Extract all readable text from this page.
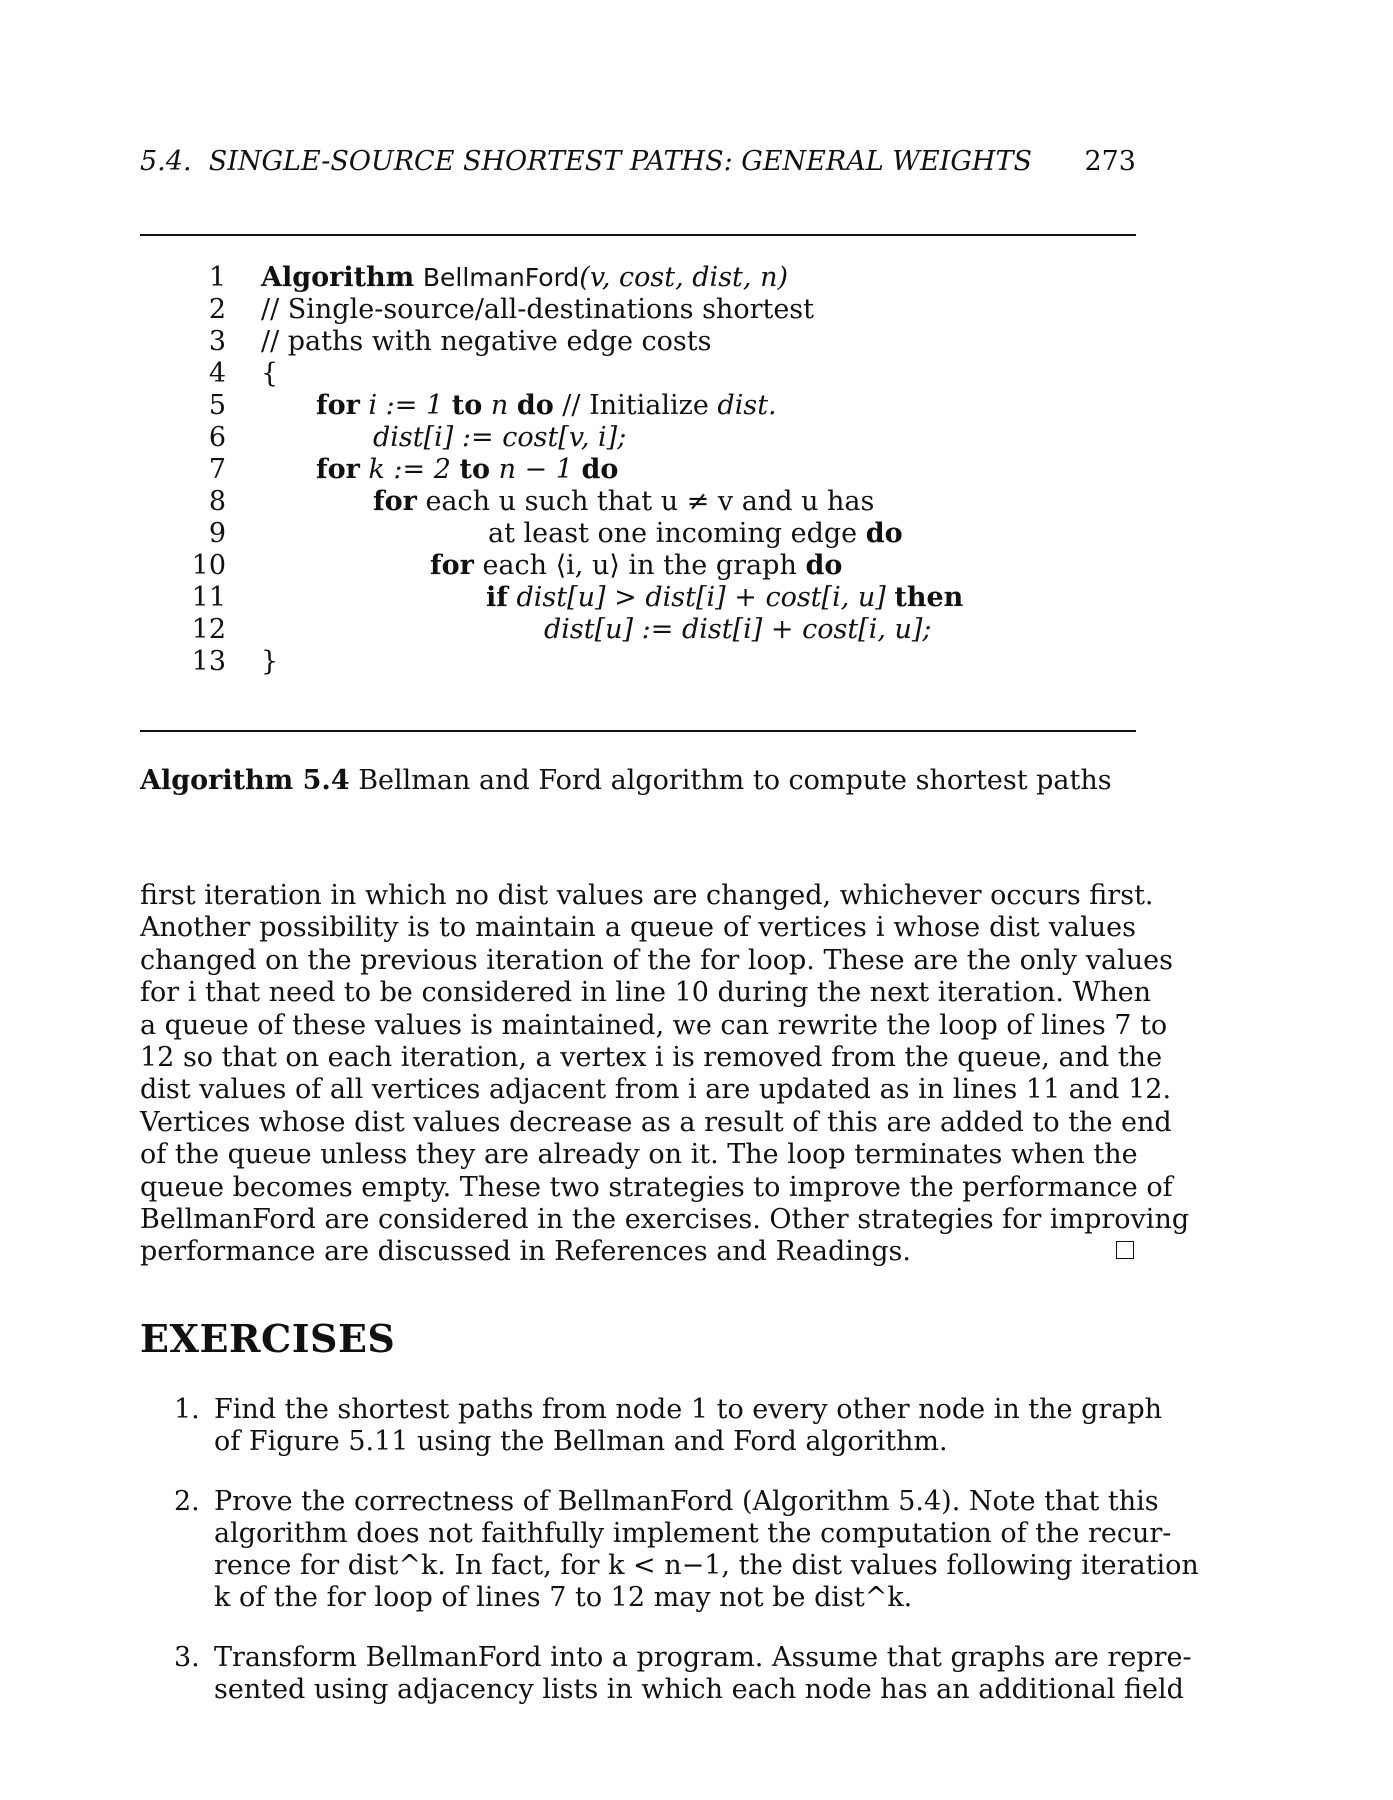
5.4. SINGLE-SOURCE SHORTEST PATHS: GENERAL WEIGHTS 273
1 Algorithm BellmanFord(v, cost, dist, n)
2 // Single-source/all-destinations shortest
3 // paths with negative edge costs
4 {
5	for i := 1 to n do // Initialize dist.
6	dist[i] := cost[v, i];
7	for k := 2 to n − 1 do
8	for each u such that u ≠ v and u has
9	at least one incoming edge do
10	for each ⟨i, u⟩ in the graph do
11	if dist[u] > dist[i] + cost[i, u] then
12	dist[u] := dist[i] + cost[i, u];
13 }
Algorithm 5.4 Bellman and Ford algorithm to compute shortest paths
first iteration in which no dist values are changed, whichever occurs first.
Another possibility is to maintain a queue of vertices i whose dist values
changed on the previous iteration of the for loop. These are the only values
for i that need to be considered in line 10 during the next iteration. When
a queue of these values is maintained, we can rewrite the loop of lines 7 to
12 so that on each iteration, a vertex i is removed from the queue, and the
dist values of all vertices adjacent from i are updated as in lines 11 and 12.
Vertices whose dist values decrease as a result of this are added to the end
of the queue unless they are already on it. The loop terminates when the
queue becomes empty. These two strategies to improve the performance of
BellmanFord are considered in the exercises. Other strategies for improving
performance are discussed in References and Readings.
EXERCISES
1. Find the shortest paths from node 1 to every other node in the graph
of Figure 5.11 using the Bellman and Ford algorithm.
2. Prove the correctness of BellmanFord (Algorithm 5.4). Note that this
algorithm does not faithfully implement the computation of the recur-
rence for dist^k. In fact, for k < n−1, the dist values following iteration
k of the for loop of lines 7 to 12 may not be dist^k.
3. Transform BellmanFord into a program. Assume that graphs are repre-
sented using adjacency lists in which each node has an additional field
